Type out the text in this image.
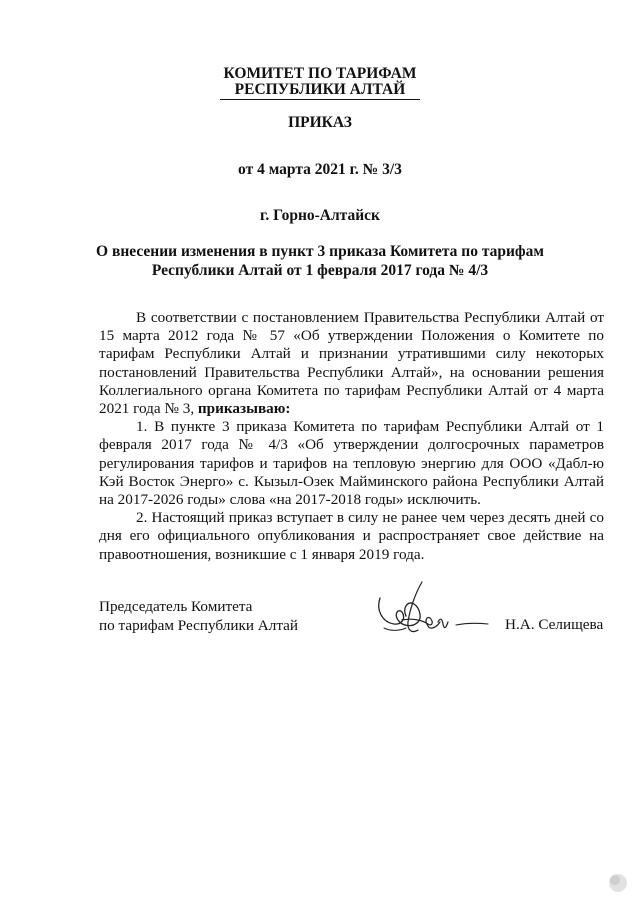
КОМИТЕТ ПО ТАРИФАМ
РЕСПУБЛИКИ АЛТАЙ
ПРИКАЗ
от 4 марта 2021 г. № 3/3
г. Горно-Алтайск
О внесении изменения в пункт 3 приказа Комитета по тарифам
Республики Алтай от 1 февраля 2017 года № 4/3

В соответствии с постановлением Правительства Республики Алтай от 15 марта 2012 года № 57 «Об утверждении Положения о Комитете по тарифам Республики Алтай и признании утратившими силу некоторых постановлений Правительства Республики Алтай», на основании решения Коллегиального органа Комитета по тарифам Республики Алтай от 4 марта 2021 года № 3, приказываю:

1. В пункте 3 приказа Комитета по тарифам Республики Алтай от 1 февраля 2017 года № 4/3 «Об утверждении долгосрочных параметров регулирования тарифов и тарифов на тепловую энергию для ООО «Дабл-ю Кэй Восток Энерго» с. Кызыл-Озек Майминского района Республики Алтай на 2017-2026 годы» слова «на 2017-2018 годы» исключить.

2. Настоящий приказ вступает в силу не ранее чем через десять дней со дня его официального опубликования и распространяет свое действие на правоотношения, возникшие с 1 января 2019 года.

Председатель Комитета
по тарифам Республики Алтай	Н.А. Селищева
